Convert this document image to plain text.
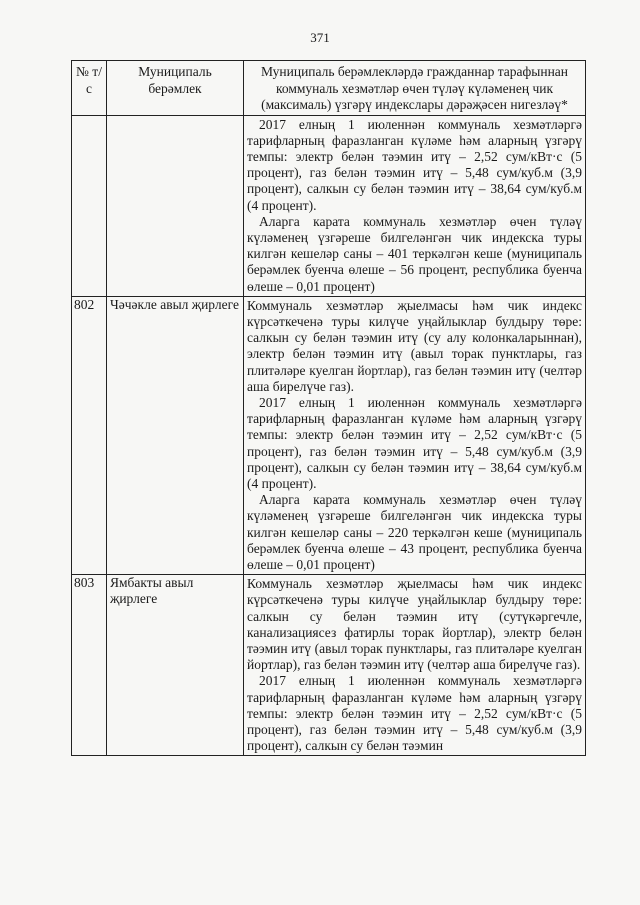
371
№ т/с	Муниципаль берәмлек	Муниципаль берәмлекләрдә гражданнар тарафыннан коммуналь хезмәтләр өчен түләү күләменең чик (максималь) үзгәрү индекслары дәрәҗәсен нигезләү*

		2017 елның 1 июленнән коммуналь хезмәтләргә тарифларның фаразланган күләме һәм аларның үзгәрү темпы: электр белән тәэмин итү – 2,52 сум/кВт·с (5 процент), газ белән тәэмин итү – 5,48 сум/куб.м (3,9 процент), салкын су белән тәэмин итү – 38,64 сум/куб.м (4 процент).

Аларга карата коммуналь хезмәтләр өчен түләү күләменең үзгәреше билгеләнгән чик индекска туры килгән кешеләр саны – 401 теркәлгән кеше (муниципаль берәмлек буенча өлеше – 56 процент, республика буенча өлеше – 0,01 процент)

802	Чәчәкле авыл җирлеге	Коммуналь хезмәтләр җыелмасы һәм чик индекс күрсәткеченә туры килүче уңайлыклар булдыру төре: салкын су белән тәэмин итү (су алу колонкаларыннан), электр белән тәэмин итү (авыл торак пунктлары, газ плитәләре куелган йортлар), газ белән тәэмин итү (челтәр аша бирелүче газ).

2017 елның 1 июленнән коммуналь хезмәтләргә тарифларның фаразланган күләме һәм аларның үзгәрү темпы: электр белән тәэмин итү – 2,52 сум/кВт·с (5 процент), газ белән тәэмин итү – 5,48 сум/куб.м (3,9 процент), салкын су белән тәэмин итү – 38,64 сум/куб.м (4 процент).

Аларга карата коммуналь хезмәтләр өчен түләү күләменең үзгәреше билгеләнгән чик индекска туры килгән кешеләр саны – 220 теркәлгән кеше (муниципаль берәмлек буенча өлеше – 43 процент, республика буенча өлеше – 0,01 процент)

803	Ямбакты авыл җирлеге	Коммуналь хезмәтләр җыелмасы һәм чик индекс күрсәткеченә туры килүче уңайлыклар булдыру төре: салкын су белән тәэмин итү (сутүкәргечле, канализациясез фатирлы торак йортлар), электр белән тәэмин итү (авыл торак пунктлары, газ плитәләре куелган йортлар), газ белән тәэмин итү (челтәр аша бирелүче газ).

2017 елның 1 июленнән коммуналь хезмәтләргә тарифларның фаразланган күләме һәм аларның үзгәрү темпы: электр белән тәэмин итү – 2,52 сум/кВт·с (5 процент), газ белән тәэмин итү – 5,48 сум/куб.м (3,9 процент), салкын су белән тәэмин
